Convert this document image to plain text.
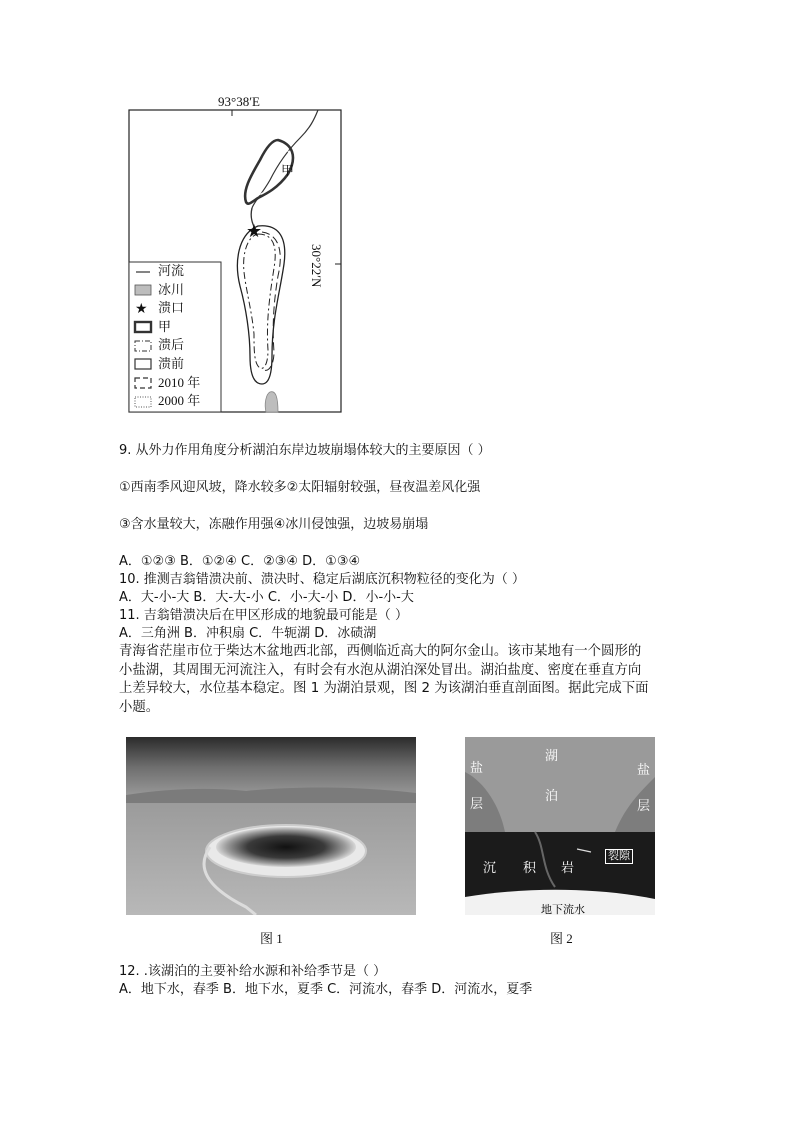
★
★
93°38′E
30°22′N
甲
河流
冰川
溃口
甲
溃后
溃前
2010 年
2000 年
9. 从外力作用角度分析湖泊东岸边坡崩塌体较大的主要原因（ ）
①西南季风迎风坡，降水较多②太阳辐射较强，昼夜温差风化强
③含水量较大，冻融作用强④冰川侵蚀强，边坡易崩塌
A．①②③ B．①②④ C．②③④ D．①③④
10. 推测吉翁错溃决前、溃决时、稳定后湖底沉积物粒径的变化为（ ）
A．大-小-大 B．大-大-小 C．小-大-小 D．小-小-大
11. 吉翁错溃决后在甲区形成的地貌最可能是（ ）
A．三角洲 B．冲积扇 C．牛轭湖 D．冰碛湖
青海省茫崖市位于柴达木盆地西北部，西侧临近高大的阿尔金山。该市某地有一个圆形的
小盐湖，其周围无河流注入，有时会有水泡从湖泊深处冒出。湖泊盐度、密度在垂直方向
上差异较大，水位基本稳定。图 1 为湖泊景观，图 2 为该湖泊垂直剖面图。据此完成下面
小题。
图 1
湖
泊
盐
层
盐
层
沉 积 岩
裂隙
地下流水
图 2
12. .该湖泊的主要补给水源和补给季节是（ ）
A．地下水，春季 B．地下水，夏季 C．河流水，春季 D．河流水，夏季
